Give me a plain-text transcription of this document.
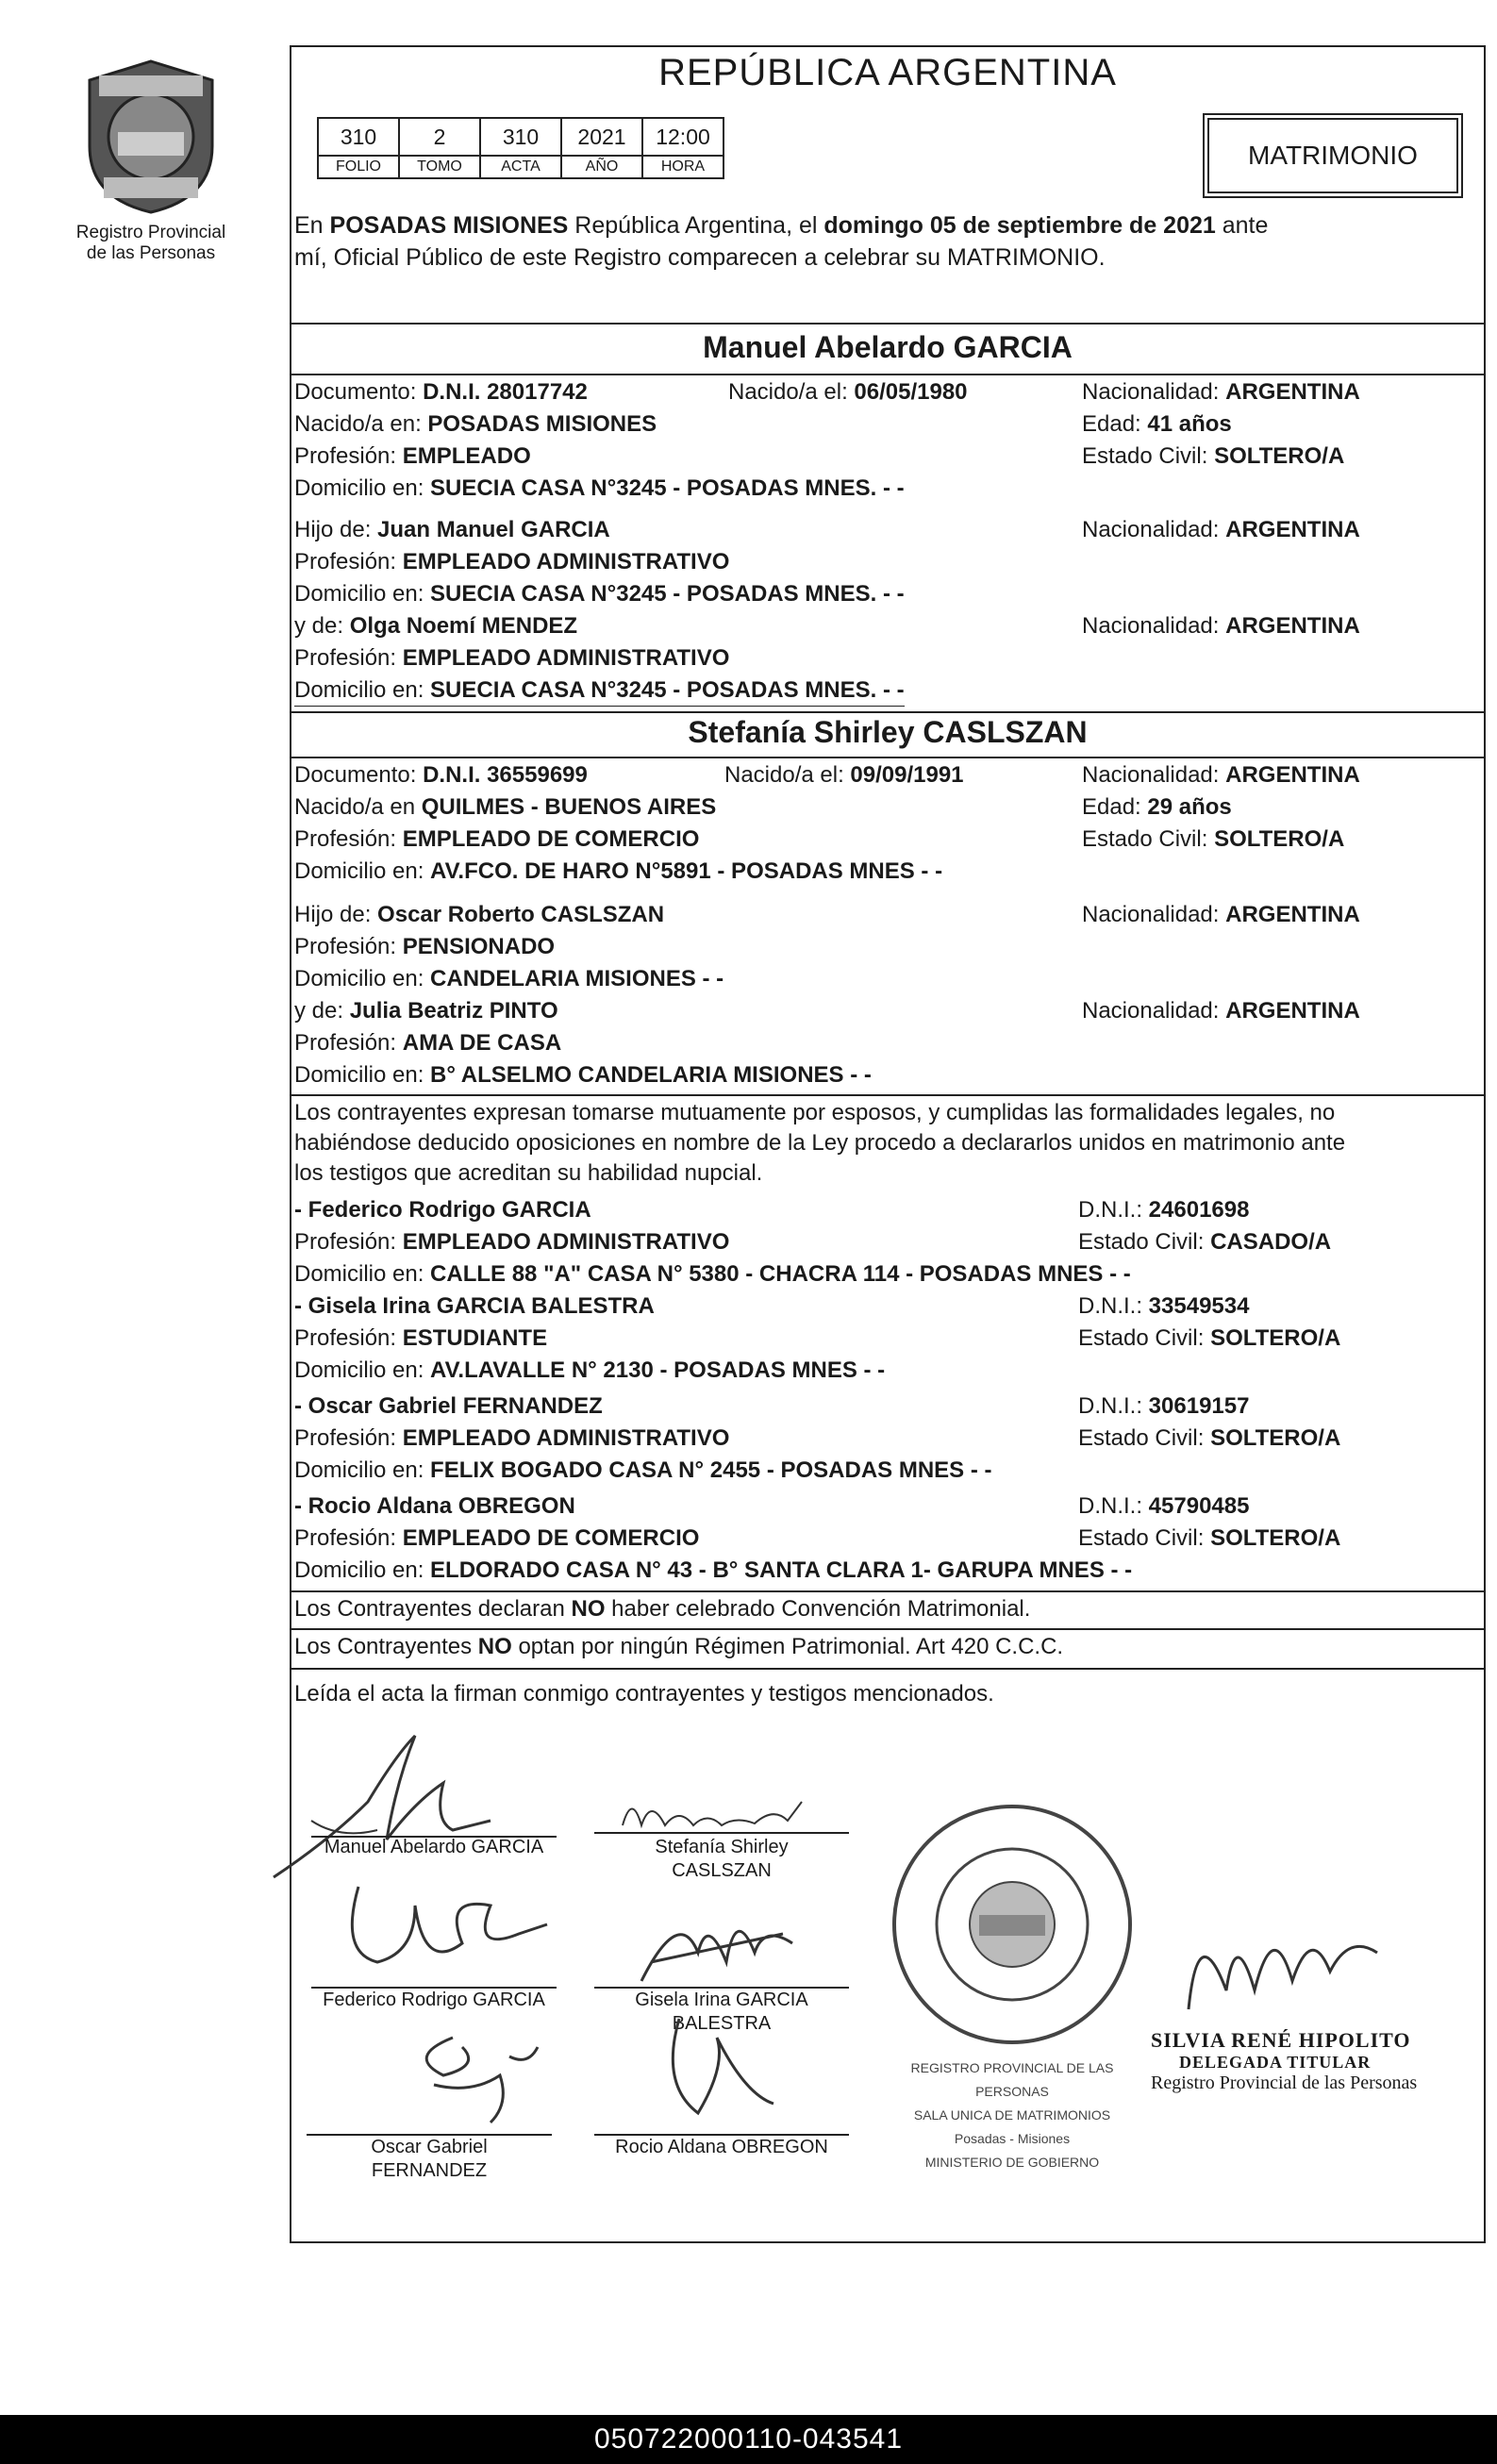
Registro Provincial
de las Personas
REPÚBLICA ARGENTINA
310	2	310	2021	12:00
FOLIO	TOMO	ACTA	AÑO	HORA	MATRIMONIO
En POSADAS MISIONES República Argentina, el domingo 05 de septiembre de 2021 ante
mí, Oficial Público de este Registro comparecen a celebrar su MATRIMONIO.
Manuel Abelardo GARCIA
Documento: D.N.I. 28017742	Nacido/a el: 06/05/1980	Nacionalidad: ARGENTINA
Nacido/a en: POSADAS MISIONES	Edad: 41 años
Profesión: EMPLEADO	Estado Civil: SOLTERO/A
Domicilio en: SUECIA CASA N°3245 - POSADAS MNES. - -
Hijo de: Juan Manuel GARCIA	Nacionalidad: ARGENTINA
Profesión: EMPLEADO ADMINISTRATIVO
Domicilio en: SUECIA CASA N°3245 - POSADAS MNES. - -
y de: Olga Noemí MENDEZ	Nacionalidad: ARGENTINA
Profesión: EMPLEADO ADMINISTRATIVO
Domicilio en: SUECIA CASA N°3245 - POSADAS MNES. - -
Stefanía Shirley CASLSZAN
Documento: D.N.I. 36559699	Nacido/a el: 09/09/1991	Nacionalidad: ARGENTINA
Nacido/a en QUILMES - BUENOS AIRES	Edad: 29 años
Profesión: EMPLEADO DE COMERCIO	Estado Civil: SOLTERO/A
Domicilio en: AV.FCO. DE HARO N°5891 - POSADAS MNES - -
Hijo de: Oscar Roberto CASLSZAN	Nacionalidad: ARGENTINA
Profesión: PENSIONADO
Domicilio en: CANDELARIA MISIONES - -
y de: Julia Beatriz PINTO	Nacionalidad: ARGENTINA
Profesión: AMA DE CASA
Domicilio en: B° ALSELMO CANDELARIA MISIONES - -
Los contrayentes expresan tomarse mutuamente por esposos, y cumplidas las formalidades legales, no
habiéndose deducido oposiciones en nombre de la Ley procedo a declararlos unidos en matrimonio ante
los testigos que acreditan su habilidad nupcial.
- Federico Rodrigo GARCIA	D.N.I.: 24601698
Profesión: EMPLEADO ADMINISTRATIVO	Estado Civil: CASADO/A
Domicilio en: CALLE 88 "A" CASA N° 5380 - CHACRA 114 - POSADAS MNES - -
- Gisela Irina GARCIA BALESTRA	D.N.I.: 33549534
Profesión: ESTUDIANTE	Estado Civil: SOLTERO/A
Domicilio en: AV.LAVALLE N° 2130 - POSADAS MNES - -
- Oscar Gabriel FERNANDEZ	D.N.I.: 30619157
Profesión: EMPLEADO ADMINISTRATIVO	Estado Civil: SOLTERO/A
Domicilio en: FELIX BOGADO CASA N° 2455 - POSADAS MNES - -
- Rocio Aldana OBREGON	D.N.I.: 45790485
Profesión: EMPLEADO DE COMERCIO	Estado Civil: SOLTERO/A
Domicilio en: ELDORADO CASA N° 43 - B° SANTA CLARA 1- GARUPA MNES - -
Los Contrayentes declaran NO haber celebrado Convención Matrimonial.
Los Contrayentes NO optan por ningún Régimen Patrimonial. Art 420 C.C.C.
Leída el acta la firman conmigo contrayentes y testigos mencionados.
Manuel Abelardo GARCIA	Stefanía Shirley
CASLSZAN
Federico Rodrigo GARCIA	Gisela Irina GARCIA
BALESTRA
Oscar Gabriel
FERNANDEZ
Rocio Aldana OBREGON
REGISTRO PROVINCIAL DE LAS PERSONAS
SALA UNICA DE MATRIMONIOS
Posadas - Misiones
MINISTERIO DE GOBIERNO
SILVIA RENÉ HIPOLITO
DELEGADA TITULAR
Registro Provincial de las Personas
050722000110-043541
